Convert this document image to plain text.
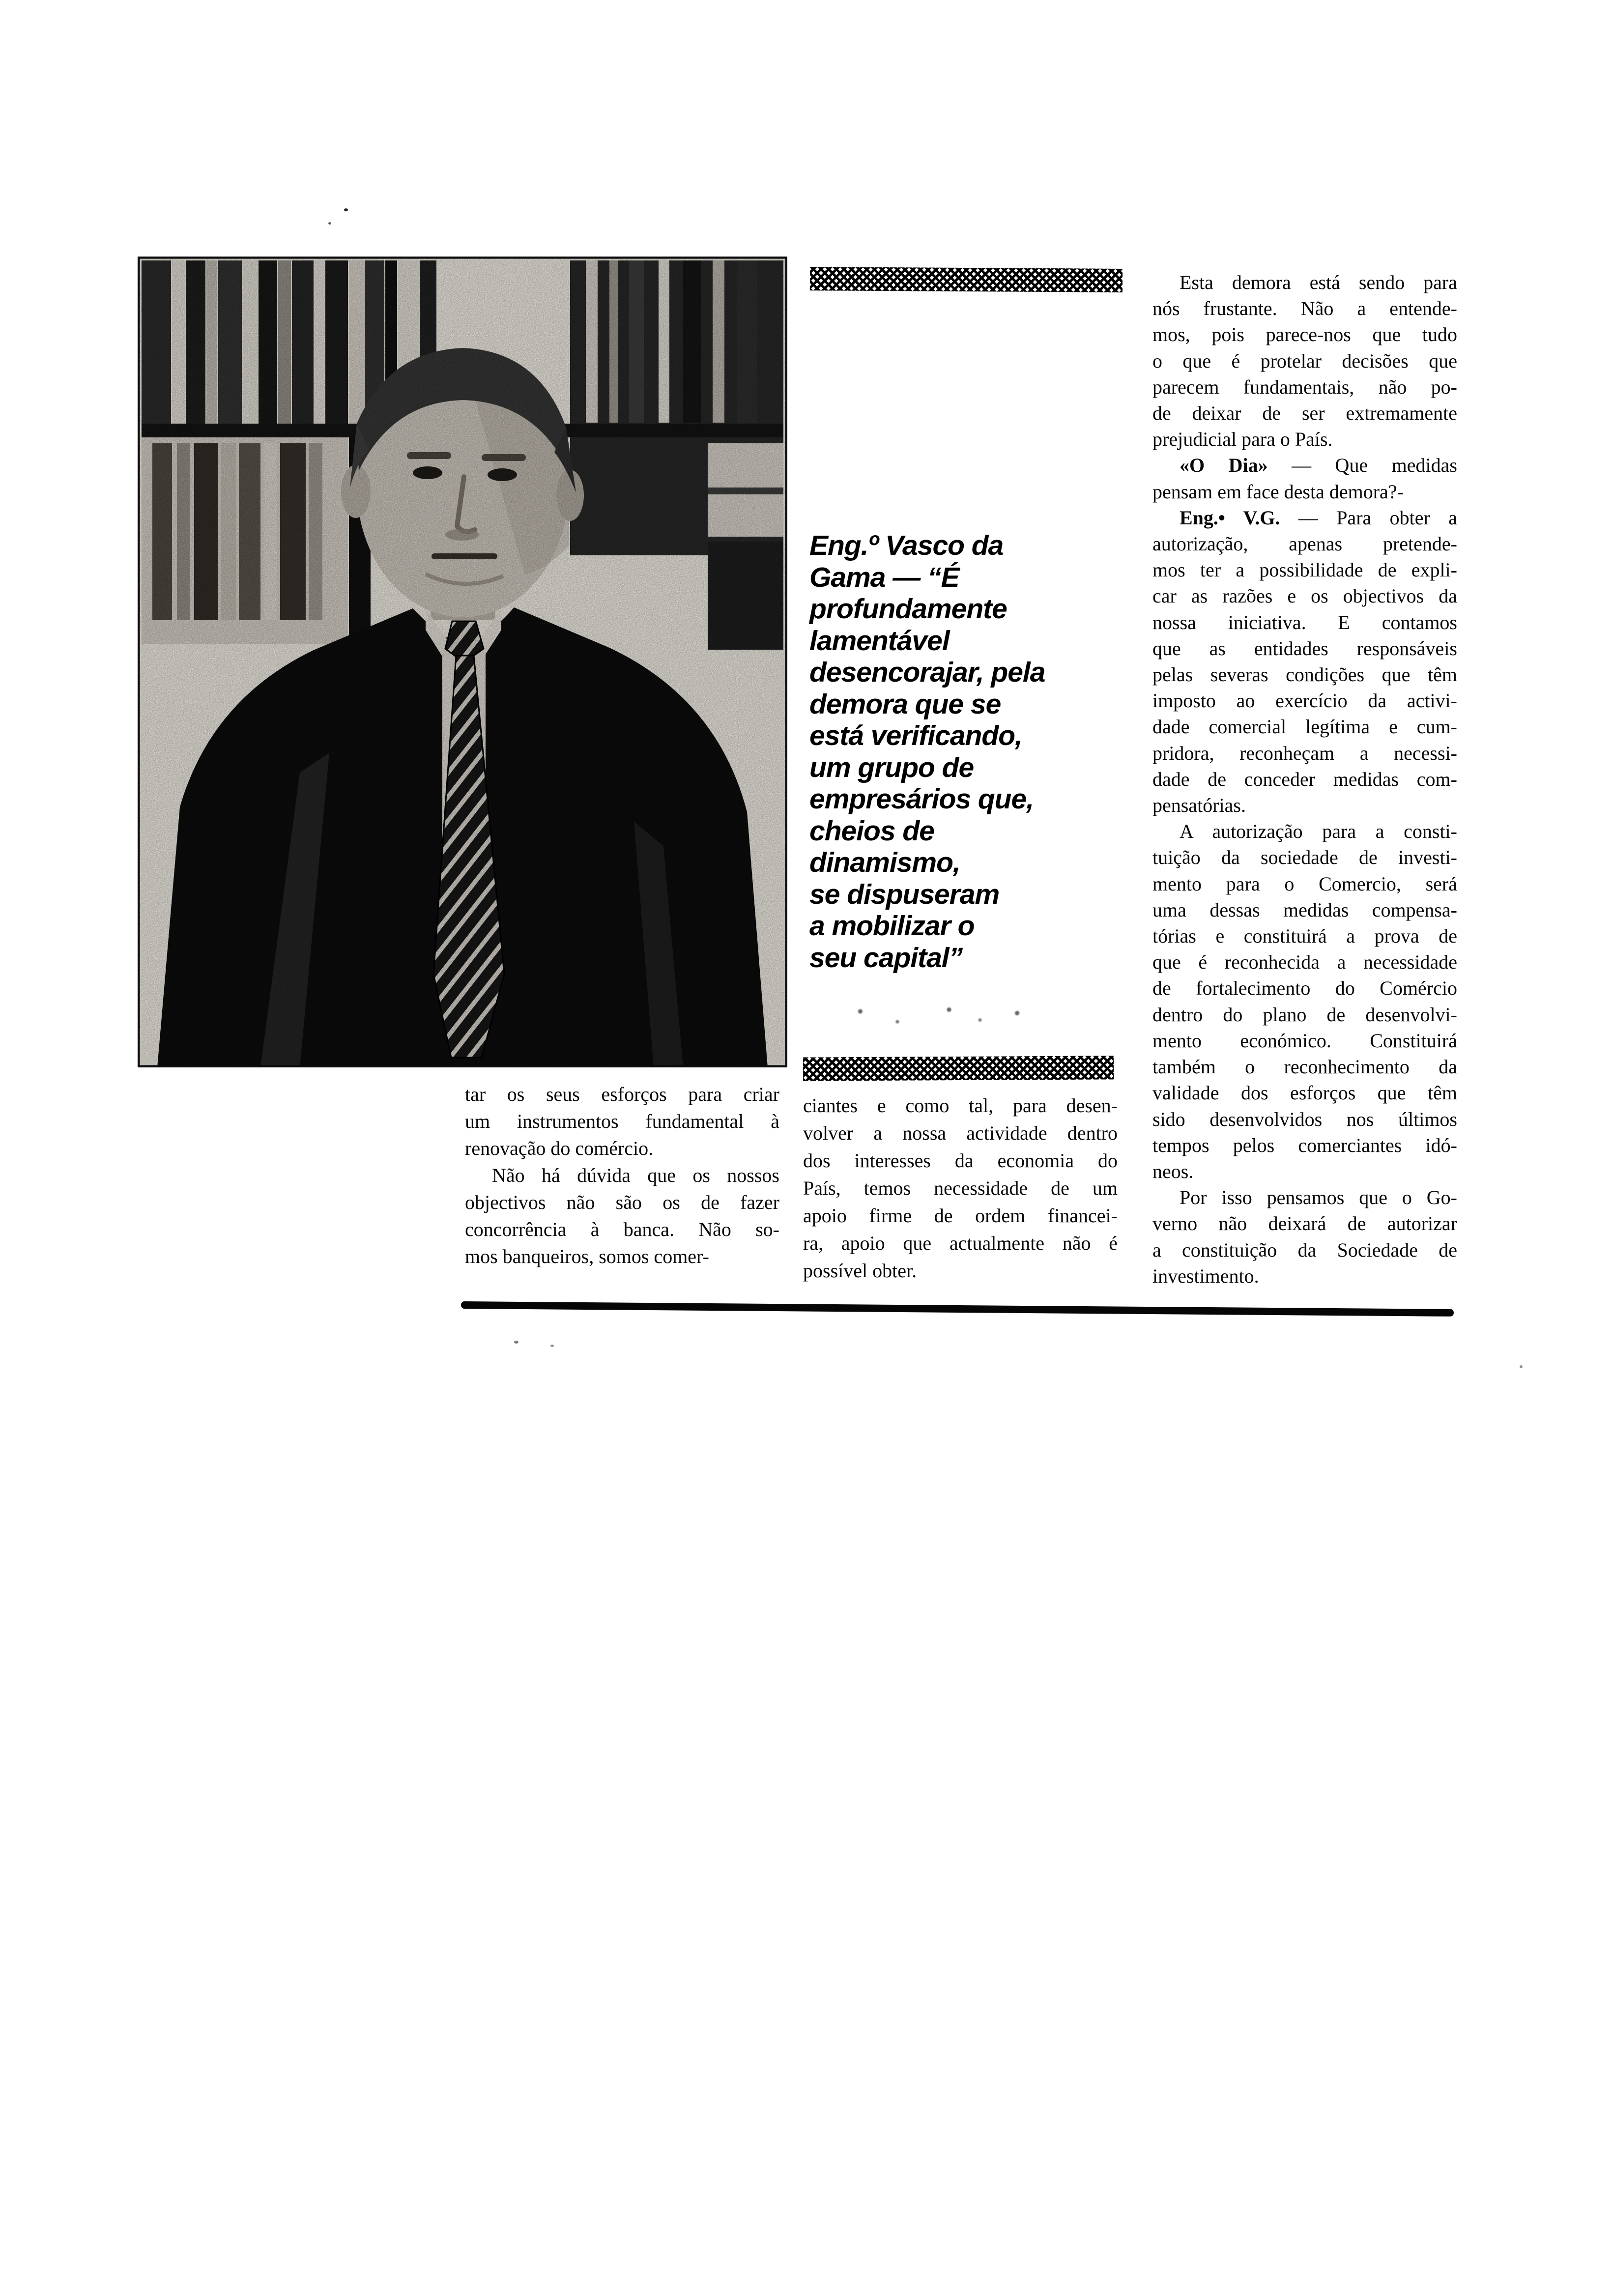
Eng.º Vasco da
Gama — “É
profundamente
lamentável
desencorajar, pela
demora que se
está verificando,
um grupo de
empresários que,
cheios de
dinamismo,
se dispuseram
a mobilizar o
seu capital”
tar os seus esforços para criar
um instrumentos fundamental à
renovação do comércio.
Não há dúvida que os nossos
objectivos não são os de fazer
concorrência à banca. Não so-
mos banqueiros, somos comer-
ciantes e como tal, para desen-
volver a nossa actividade dentro
dos interesses da economia do
País, temos necessidade de um
apoio firme de ordem financei-
ra, apoio que actualmente não é
possível obter.
Esta demora está sendo para
nós frustante. Não a entende-
mos, pois parece-nos que tudo
o que é protelar decisões que
parecem fundamentais, não po-
de deixar de ser extremamente
prejudicial para o País.
«O Dia» — Que medidas
pensam em face desta demora?-
Eng.• V.G. — Para obter a
autorização, apenas pretende-
mos ter a possibilidade de expli-
car as razões e os objectivos da
nossa iniciativa. E contamos
que as entidades responsáveis
pelas severas condições que têm
imposto ao exercício da activi-
dade comercial legítima e cum-
pridora, reconheçam a necessi-
dade de conceder medidas com-
pensatórias.
A autorização para a consti-
tuição da sociedade de investi-
mento para o Comercio, será
uma dessas medidas compensa-
tórias e constituirá a prova de
que é reconhecida a necessidade
de fortalecimento do Comércio
dentro do plano de desenvolvi-
mento económico. Constituirá
também o reconhecimento da
validade dos esforços que têm
sido desenvolvidos nos últimos
tempos pelos comerciantes idó-
neos.
Por isso pensamos que o Go-
verno não deixará de autorizar
a constituição da Sociedade de
investimento.
